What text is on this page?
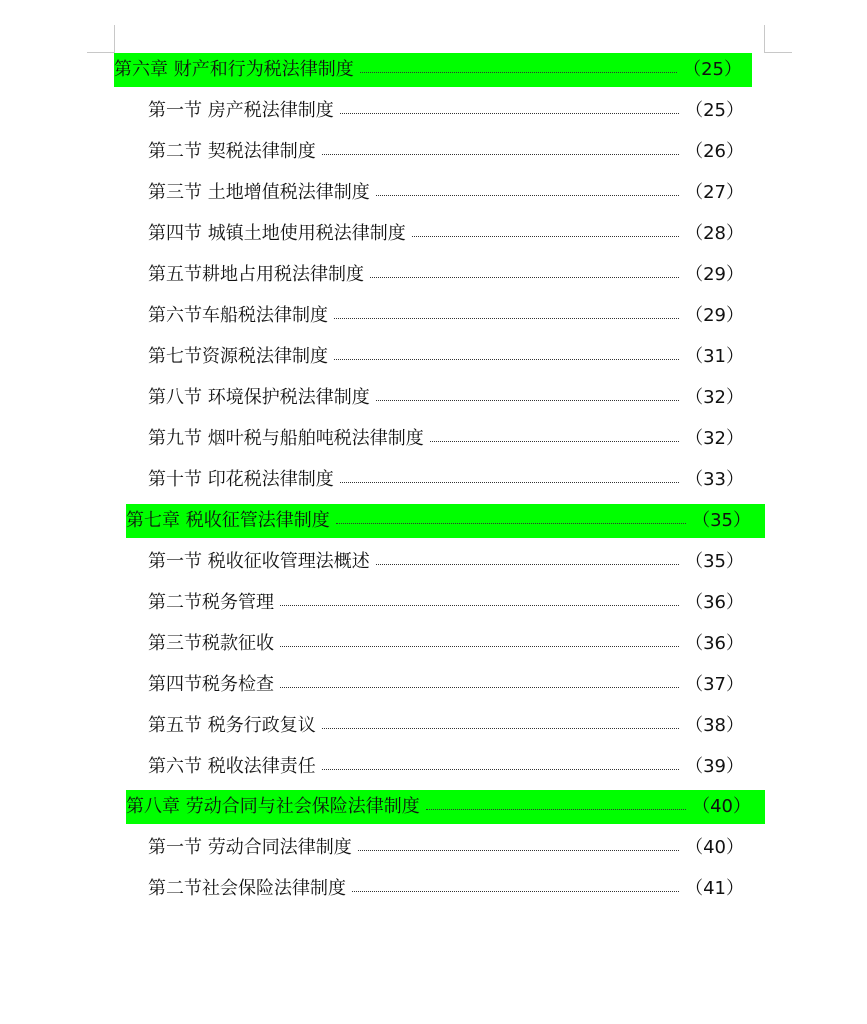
第六章 财产和行为税法律制度	（25）
第一节 房产税法律制度	（25）
第二节 契税法律制度	（26）
第三节 土地增值税法律制度	（27）
第四节 城镇土地使用税法律制度	（28）
第五节耕地占用税法律制度	（29）
第六节车船税法律制度	（29）
第七节资源税法律制度	（31）
第八节 环境保护税法律制度	（32）
第九节 烟叶税与船舶吨税法律制度	（32）
第十节 印花税法律制度	（33）
第七章 税收征管法律制度	（35）
第一节 税收征收管理法概述	（35）
第二节税务管理	（36）
第三节税款征收	（36）
第四节税务检查	（37）
第五节 税务行政复议	（38）
第六节 税收法律责任	（39）
第八章 劳动合同与社会保险法律制度	（40）
第一节 劳动合同法律制度	（40）
第二节社会保险法律制度	（41）
